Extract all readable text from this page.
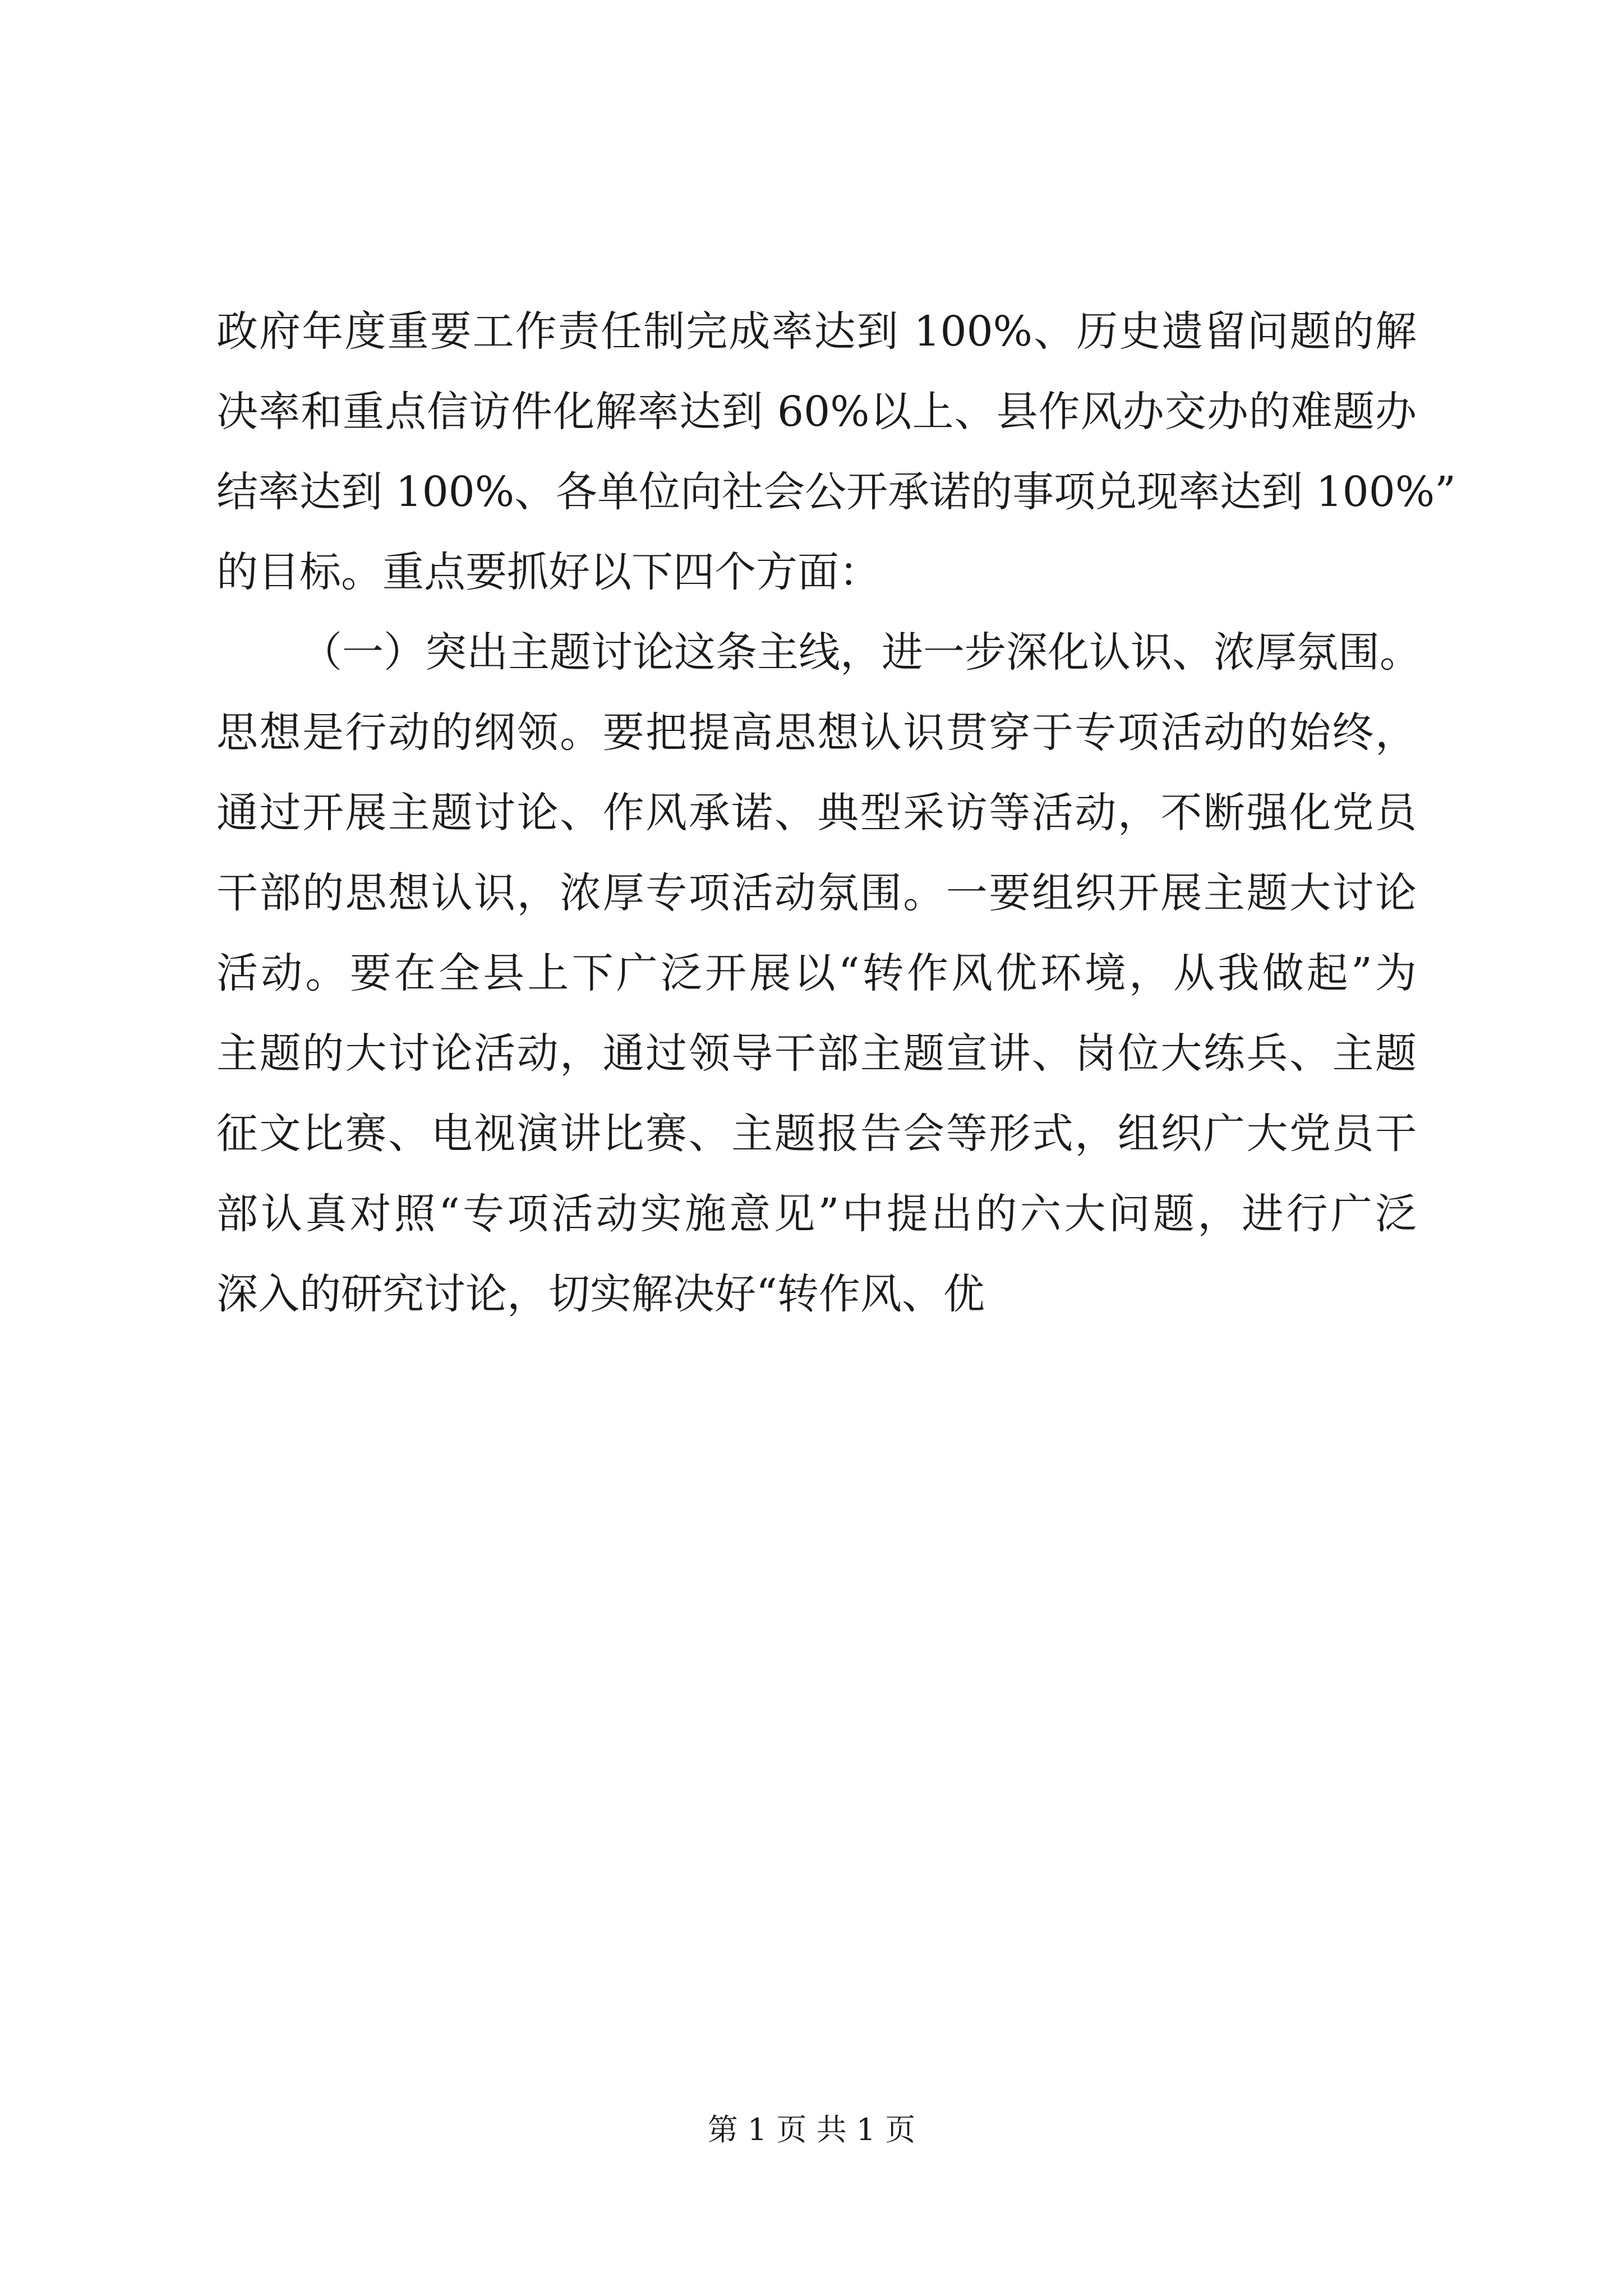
政府年度重要工作责任制完成率达到 100%、历史遗留问题的解
决率和重点信访件化解率达到 60%以上、县作风办交办的难题办
结率达到 100%、各单位向社会公开承诺的事项兑现率达到 100%”
的目标。重点要抓好以下四个方面：
（一）突出主题讨论这条主线，进一步深化认识、浓厚氛围。
思想是行动的纲领。要把提高思想认识贯穿于专项活动的始终，
通过开展主题讨论、作风承诺、典型采访等活动，不断强化党员
干部的思想认识，浓厚专项活动氛围。一要组织开展主题大讨论
活动。要在全县上下广泛开展以“转作风优环境，从我做起”为
主题的大讨论活动，通过领导干部主题宣讲、岗位大练兵、主题
征文比赛、电视演讲比赛、主题报告会等形式，组织广大党员干
部认真对照“专项活动实施意见”中提出的六大问题，进行广泛
深入的研究讨论，切实解决好“转作风、优
第 1 页 共 1 页
